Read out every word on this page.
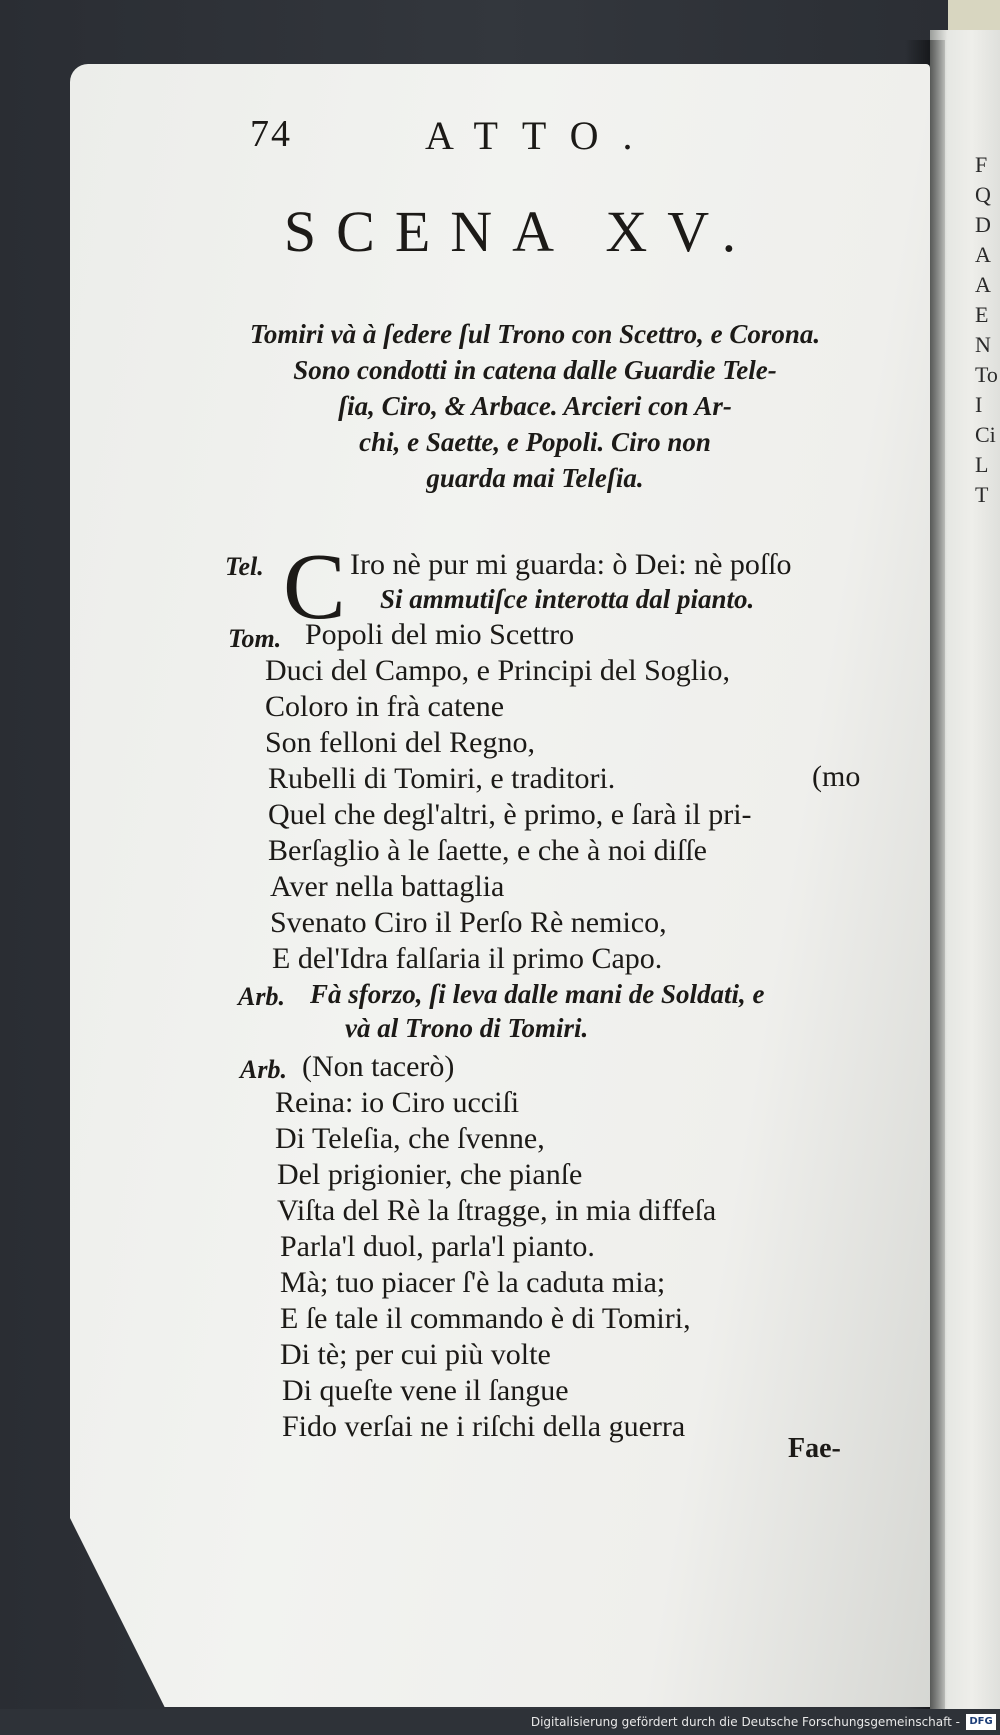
F
Q
D
A
A
E
N
To
I
Ci
L
T
74	ATTO.
SCENA XV.
Tomiri và à ſedere ſul Trono con Scettro, e Corona.
Sono condotti in catena dalle Guardie Tele-
ſia, Ciro, & Arbace. Arcieri con Ar-
chi, e Saette, e Popoli. Ciro non
guarda mai Teleſia.
Tel. C Iro nè pur mi guarda: ò Dei: nè poſſo
Si ammutiſce interotta dal pianto.
Tom. Popoli del mio Scettro
Duci del Campo, e Principi del Soglio,
Coloro in frà catene
Son felloni del Regno,
Rubelli di Tomiri, e traditori.	(mo
Quel che degl'altri, è primo, e ſarà il pri-
Berſaglio à le ſaette, e che à noi diſſe
Aver nella battaglia
Svenato Ciro il Perſo Rè nemico,
E del'Idra falſaria il primo Capo.
Arb. Fà sforzo, ſi leva dalle mani de Soldati, e
và al Trono di Tomiri.
Arb. (Non tacerò)
Reina: io Ciro ucciſi
Di Teleſia, che ſvenne,
Del prigionier, che pianſe
Viſta del Rè la ſtragge, in mia diffeſa
Parla'l duol, parla'l pianto.
Mà; tuo piacer ſ'è la caduta mia;
E ſe tale il commando è di Tomiri,
Di tè; per cui più volte
Di queſte vene il ſangue
Fido verſai ne i riſchi della guerra
Fae-
Digitalisierung gefördert durch die Deutsche Forschungsgemeinschaft - DFG
